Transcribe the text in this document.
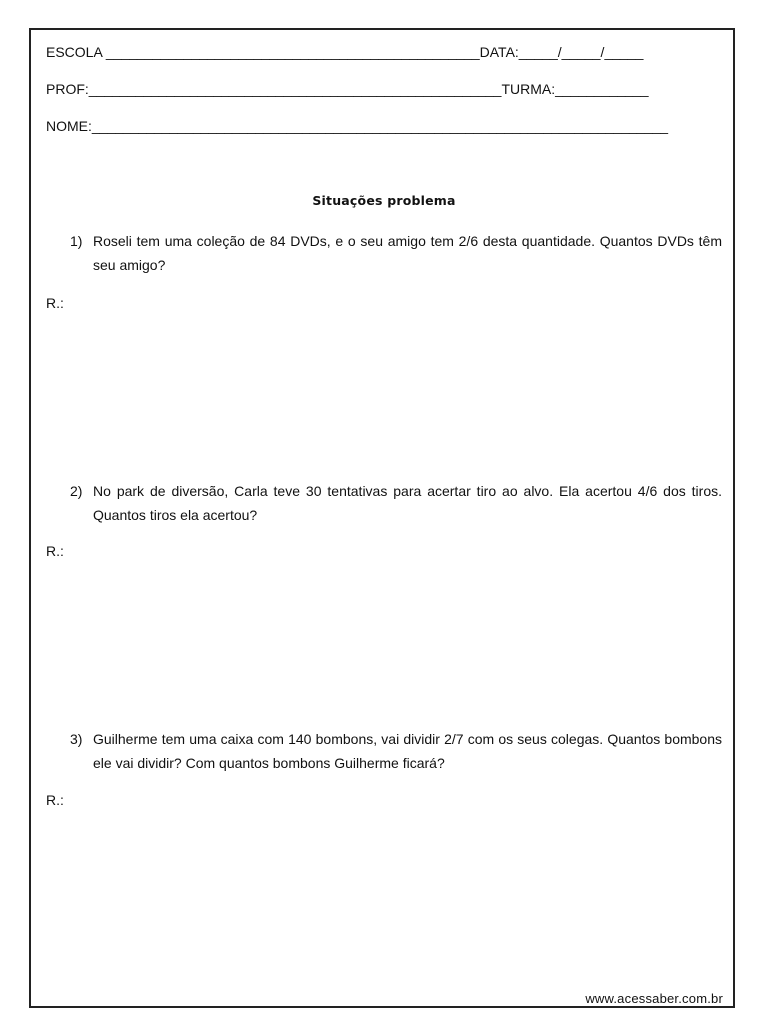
ESCOLA ________________________________________________DATA:_____/_____/_____
PROF:_____________________________________________________TURMA:____________
NOME:__________________________________________________________________________
Situações problema
1) Roseli tem uma coleção de 84 DVDs, e o seu amigo tem 2/6 desta quantidade. Quantos DVDs têm seu amigo?
R.:
2) No park de diversão, Carla teve 30 tentativas para acertar tiro ao alvo. Ela acertou 4/6 dos tiros. Quantos tiros ela acertou?
R.:
3) Guilherme tem uma caixa com 140 bombons, vai dividir 2/7 com os seus colegas. Quantos bombons ele vai dividir? Com quantos bombons Guilherme ficará?
R.:
www.acessaber.com.br
